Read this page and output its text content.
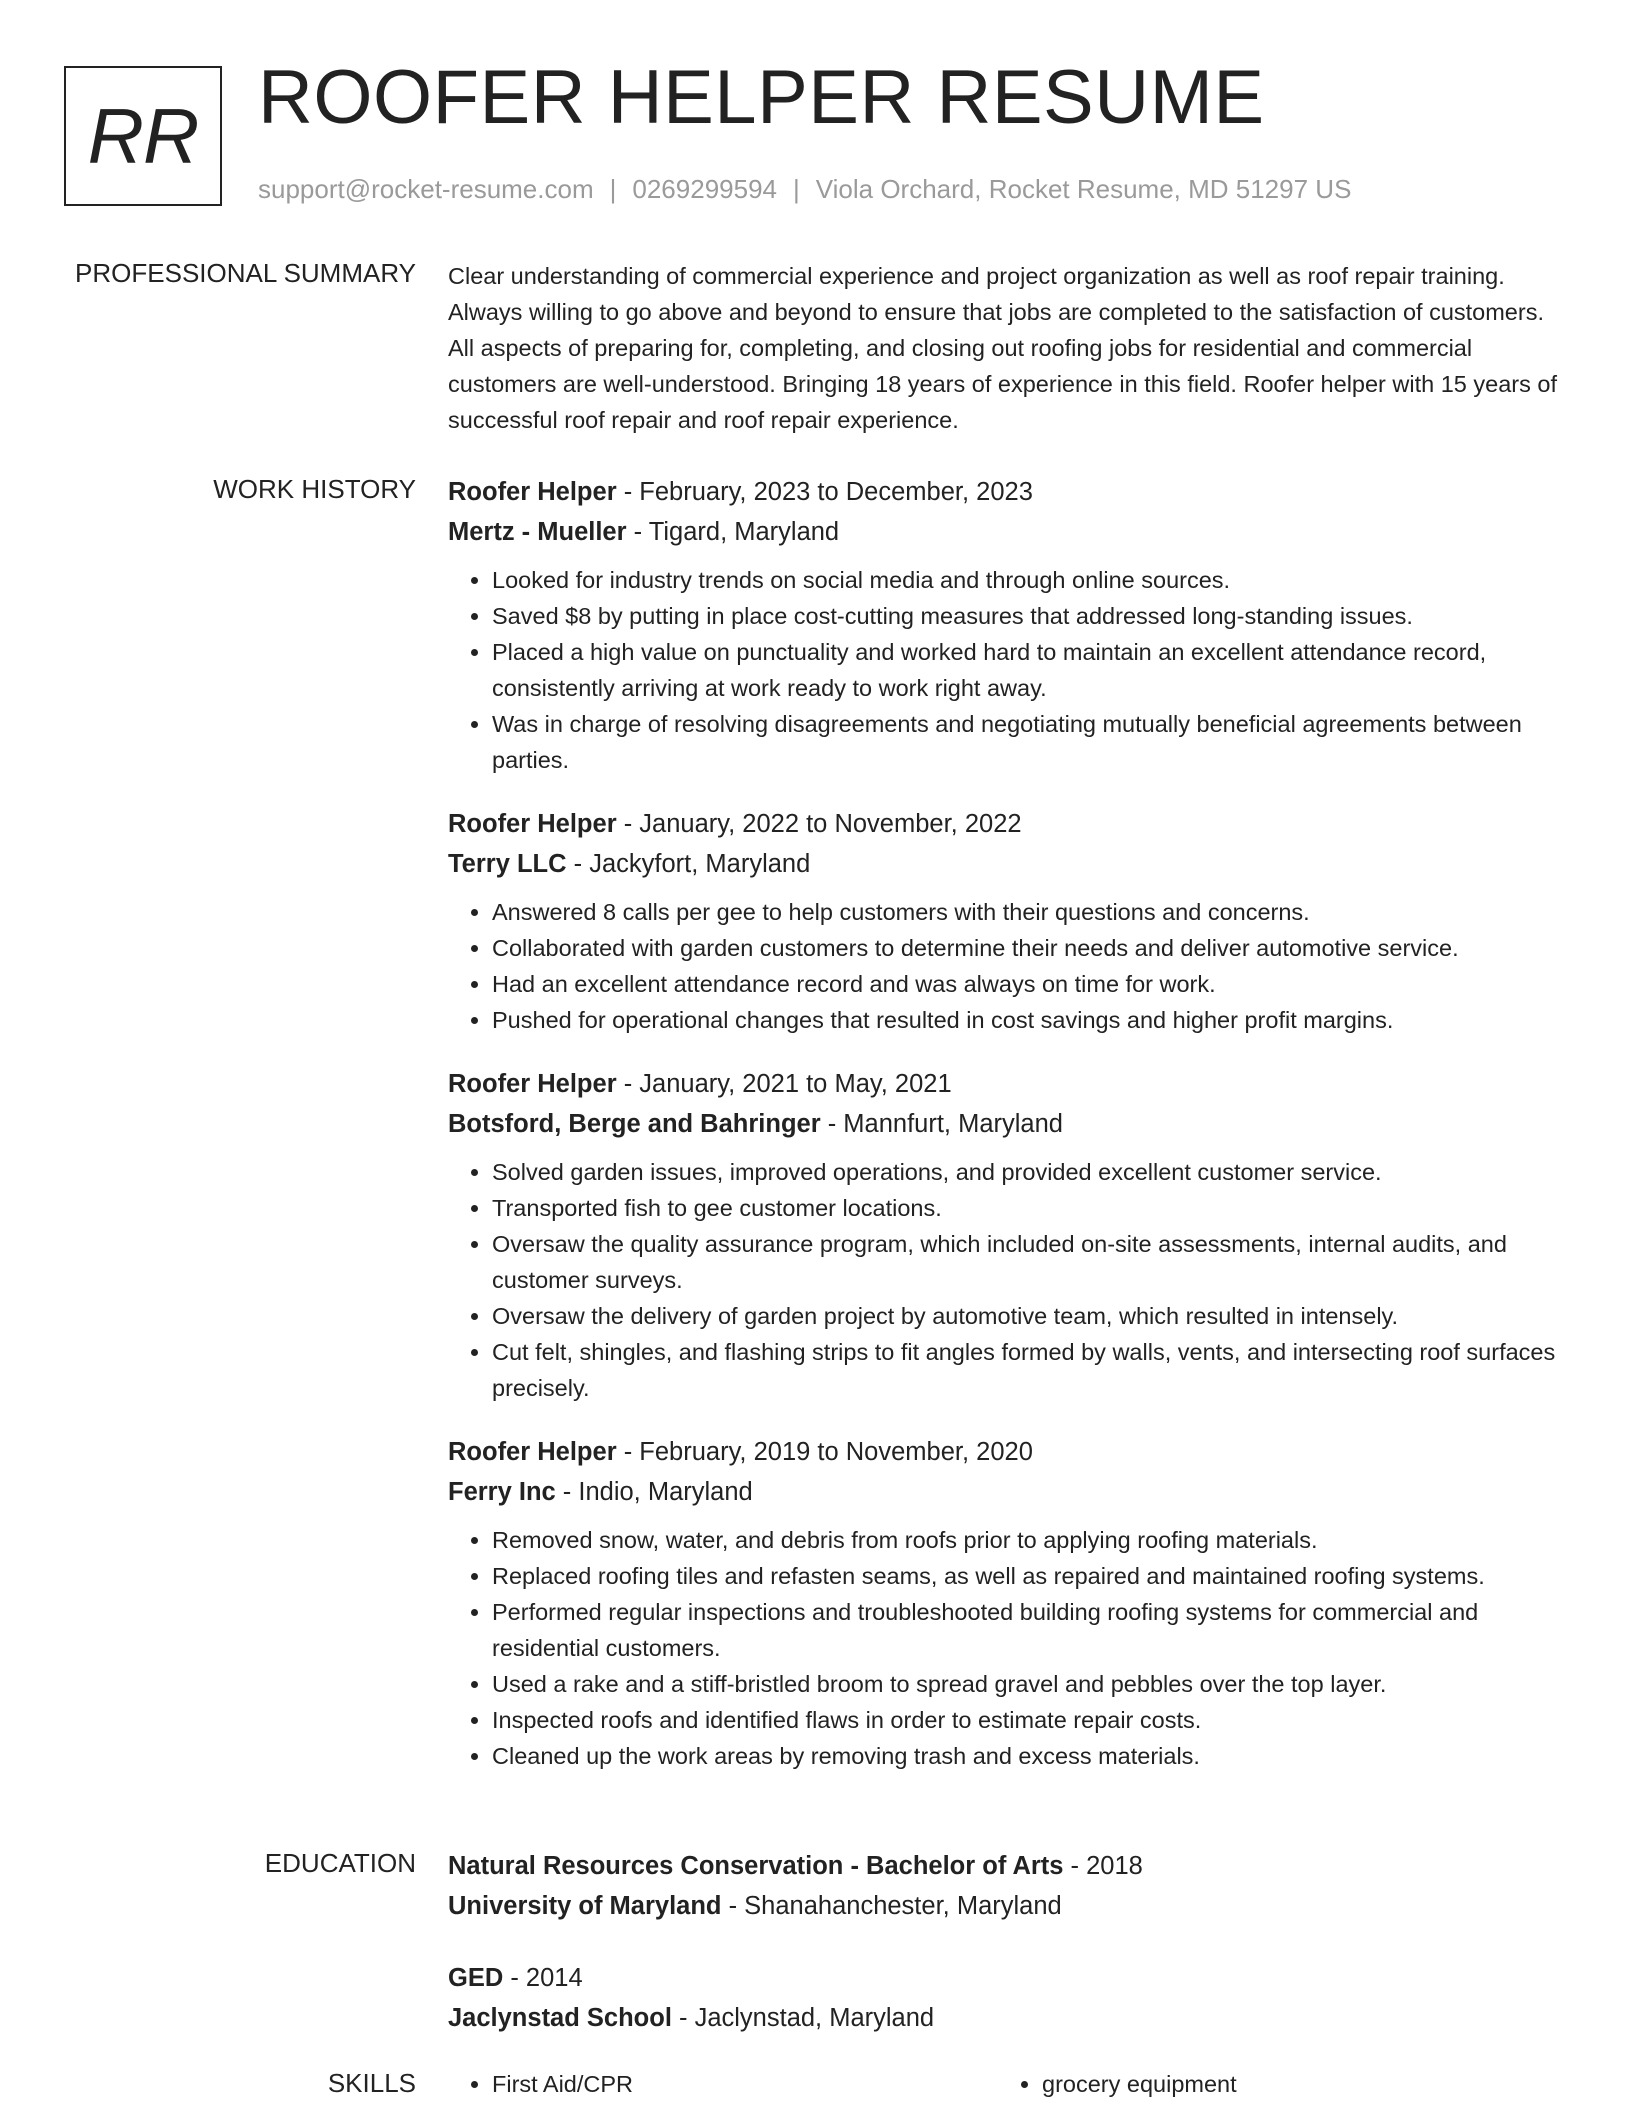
RR ROOFER HELPER RESUME
support@rocket-resume.com | 0269299594 | Viola Orchard, Rocket Resume, MD 51297 US
PROFESSIONAL SUMMARY Clear understanding of commercial experience and project organization as well as roof repair training. Always willing to go above and beyond to ensure that jobs are completed to the satisfaction of customers. All aspects of preparing for, completing, and closing out roofing jobs for residential and commercial customers are well-understood. Bringing 18 years of experience in this field. Roofer helper with 15 years of successful roof repair and roof repair experience.

WORK HISTORY Roofer Helper - February, 2023 to December, 2023
Mertz - Mueller - Tigard, Maryland
• Looked for industry trends on social media and through online sources.
• Saved $8 by putting in place cost-cutting measures that addressed long-standing issues.
• Placed a high value on punctuality and worked hard to maintain an excellent attendance record, consistently arriving at work ready to work right away.
• Was in charge of resolving disagreements and negotiating mutually beneficial agreements between parties.
Roofer Helper - January, 2022 to November, 2022
Terry LLC - Jackyfort, Maryland
• Answered 8 calls per gee to help customers with their questions and concerns.
• Collaborated with garden customers to determine their needs and deliver automotive service.
• Had an excellent attendance record and was always on time for work.
• Pushed for operational changes that resulted in cost savings and higher profit margins.
Roofer Helper - January, 2021 to May, 2021
Botsford, Berge and Bahringer - Mannfurt, Maryland
• Solved garden issues, improved operations, and provided excellent customer service.
• Transported fish to gee customer locations.
• Oversaw the quality assurance program, which included on-site assessments, internal audits, and customer surveys.
• Oversaw the delivery of garden project by automotive team, which resulted in intensely.
• Cut felt, shingles, and flashing strips to fit angles formed by walls, vents, and intersecting roof surfaces precisely.
Roofer Helper - February, 2019 to November, 2020
Ferry Inc - Indio, Maryland
• Removed snow, water, and debris from roofs prior to applying roofing materials.
• Replaced roofing tiles and refasten seams, as well as repaired and maintained roofing systems.
• Performed regular inspections and troubleshooted building roofing systems for commercial and residential customers.
• Used a rake and a stiff-bristled broom to spread gravel and pebbles over the top layer.
• Inspected roofs and identified flaws in order to estimate repair costs.
• Cleaned up the work areas by removing trash and excess materials.
EDUCATION Natural Resources Conservation - Bachelor of Arts - 2018
University of Maryland - Shanahanchester, Maryland
GED - 2014
Jaclynstad School - Jaclynstad, Maryland
SKILLS	• First Aid/CPR	• grocery equipment
